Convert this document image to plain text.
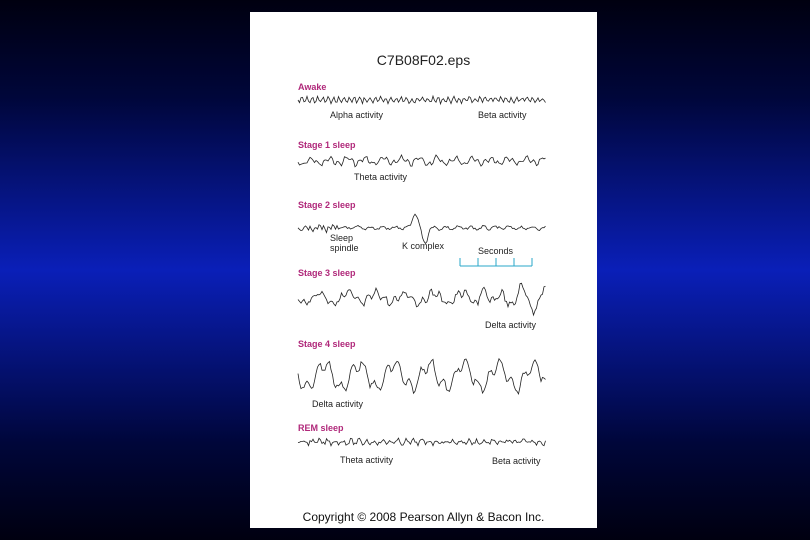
C7B08F02.eps
Awake
Alpha activity	Beta activity
Stage 1 sleep
Theta activity
Stage 2 sleep
Sleep spindle	K complex	Seconds
Stage 3 sleep
Delta activity
Stage 4 sleep
Delta activity
REM sleep
Theta activity	Beta activity
Copyright © 2008 Pearson Allyn & Bacon Inc.
